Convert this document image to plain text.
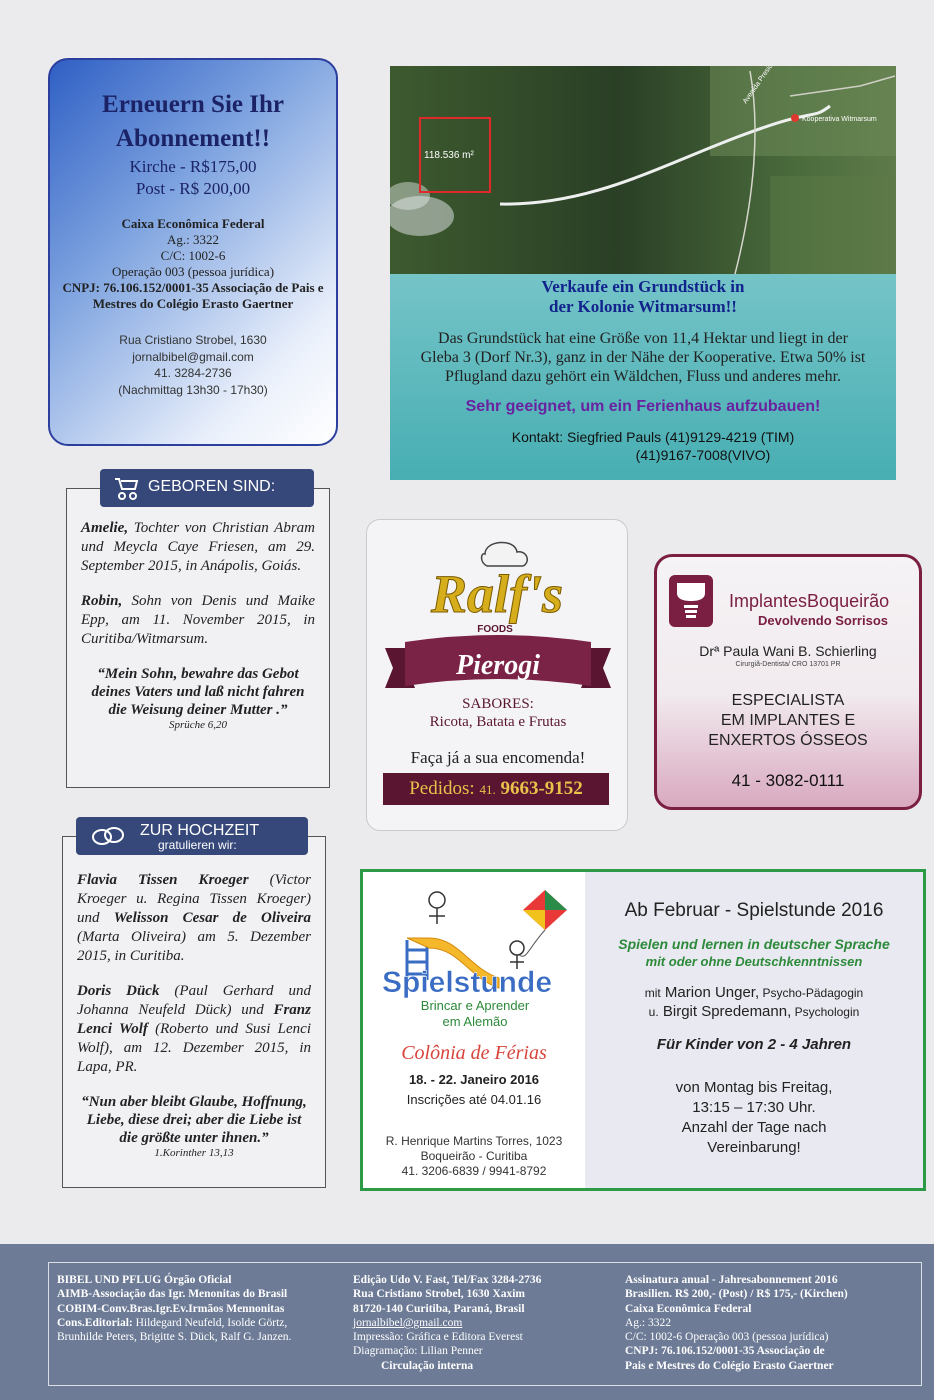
Erneuern Sie Ihr
Abonnement!!
Kirche - R$175,00
Post - R$ 200,00
Caixa Econômica Federal
Ag.: 3322
C/C: 1002-6
Operação 003 (pessoa jurídica)
CNPJ: 76.106.152/0001-35 Associação de Pais e Mestres do Colégio Erasto Gaertner
Rua Cristiano Strobel, 1630
jornalbibel@gmail.com
41. 3284-2736
(Nachmittag 13h30 - 17h30)
118.536 m²
Kooperativa Witmarsum
Verkaufe ein Grundstück in
der Kolonie Witmarsum!!
Das Grundstück hat eine Größe von 11,4 Hektar und liegt in der Gleba 3 (Dorf Nr.3), ganz in der Nähe der Kooperative. Etwa 50% ist Pflugland dazu gehört ein Wäldchen, Fluss und anderes mehr.
Sehr geeignet, um ein Ferienhaus aufzubauen!
Kontakt: Siegfried Pauls (41)9129-4219 (TIM)
(41)9167-7008(VIVO)
Amelie, Tochter von Christian Abram und Meycla Caye Friesen, am 29. September 2015, in Anápolis, Goiás.
Robin, Sohn von Denis und Maike Epp, am 11. November 2015, in Curitiba/Witmarsum.
“Mein Sohn, bewahre das Gebot deines Vaters und laß nicht fahren die Weisung deiner Mutter .”
Sprüche 6,20
GEBOREN SIND:
Flavia Tissen Kroeger (Victor Kroeger u. Regina Tissen Kroeger) und Welisson Cesar de Oliveira (Marta Oliveira) am 5. Dezember 2015, in Curitiba.
Doris Dück (Paul Gerhard und Johanna Neufeld Dück) und Franz Lenci Wolf (Roberto und Susi Lenci Wolf), am 12. Dezember 2015, in Lapa, PR.
“Nun aber bleibt Glaube, Hoffnung, Liebe, diese drei; aber die Liebe ist die größte unter ihnen.”
1.Korinther 13,13
ZUR HOCHZEIT
gratulieren wir:
Ralf's
FOODS
Pierogi
SABORES:
Ricota, Batata e Frutas
Faça já a sua encomenda!
Pedidos: 41. 9663-9152
ImplantesBoqueirão
Devolvendo Sorrisos
Drª Paula Wani B. Schierling
Cirurgiã-Dentista/ CRO 13701 PR
ESPECIALISTA
EM IMPLANTES E
ENXERTOS ÓSSEOS
41 - 3082-0111
Spielstunde
Brincar e Aprender
em Alemão
Colônia de Férias
18. - 22. Janeiro 2016
Inscrições até 04.01.16
R. Henrique Martins Torres, 1023
Boqueirão - Curitiba
41. 3206-6839 / 9941-8792
Ab Februar - Spielstunde 2016
Spielen und lernen in deutscher Sprache
mit oder ohne Deutschkenntnissen
mit Marion Unger, Psycho-Pädagogin
u. Birgit Spredemann, Psychologin
Für Kinder von 2 - 4 Jahren
von Montag bis Freitag,
13:15 – 17:30 Uhr.
Anzahl der Tage nach
Vereinbarung!
BIBEL UND PFLUG Órgão Oficial
AIMB-Associação das Igr. Menonitas do Brasil
COBIM-Conv.Bras.Igr.Ev.Irmãos Mennonitas
Cons.Editorial: Hildegard Neufeld, Isolde Görtz,
Brunhilde Peters, Brigitte S. Dück, Ralf G. Janzen.
Edição Udo V. Fast, Tel/Fax 3284-2736
Rua Cristiano Strobel, 1630 Xaxim
81720-140 Curitiba, Paraná, Brasil
jornalbibel@gmail.com
Impressão: Gráfica e Editora Everest
Diagramação: Lilian Penner
Circulação interna
Assinatura anual - Jahresabonnement 2016
Brasilien. R$ 200,- (Post) / R$ 175,- (Kirchen)
Caixa Econômica Federal
Ag.: 3322
C/C: 1002-6 Operação 003 (pessoa jurídica)
CNPJ: 76.106.152/0001-35 Associação de
Pais e Mestres do Colégio Erasto Gaertner
